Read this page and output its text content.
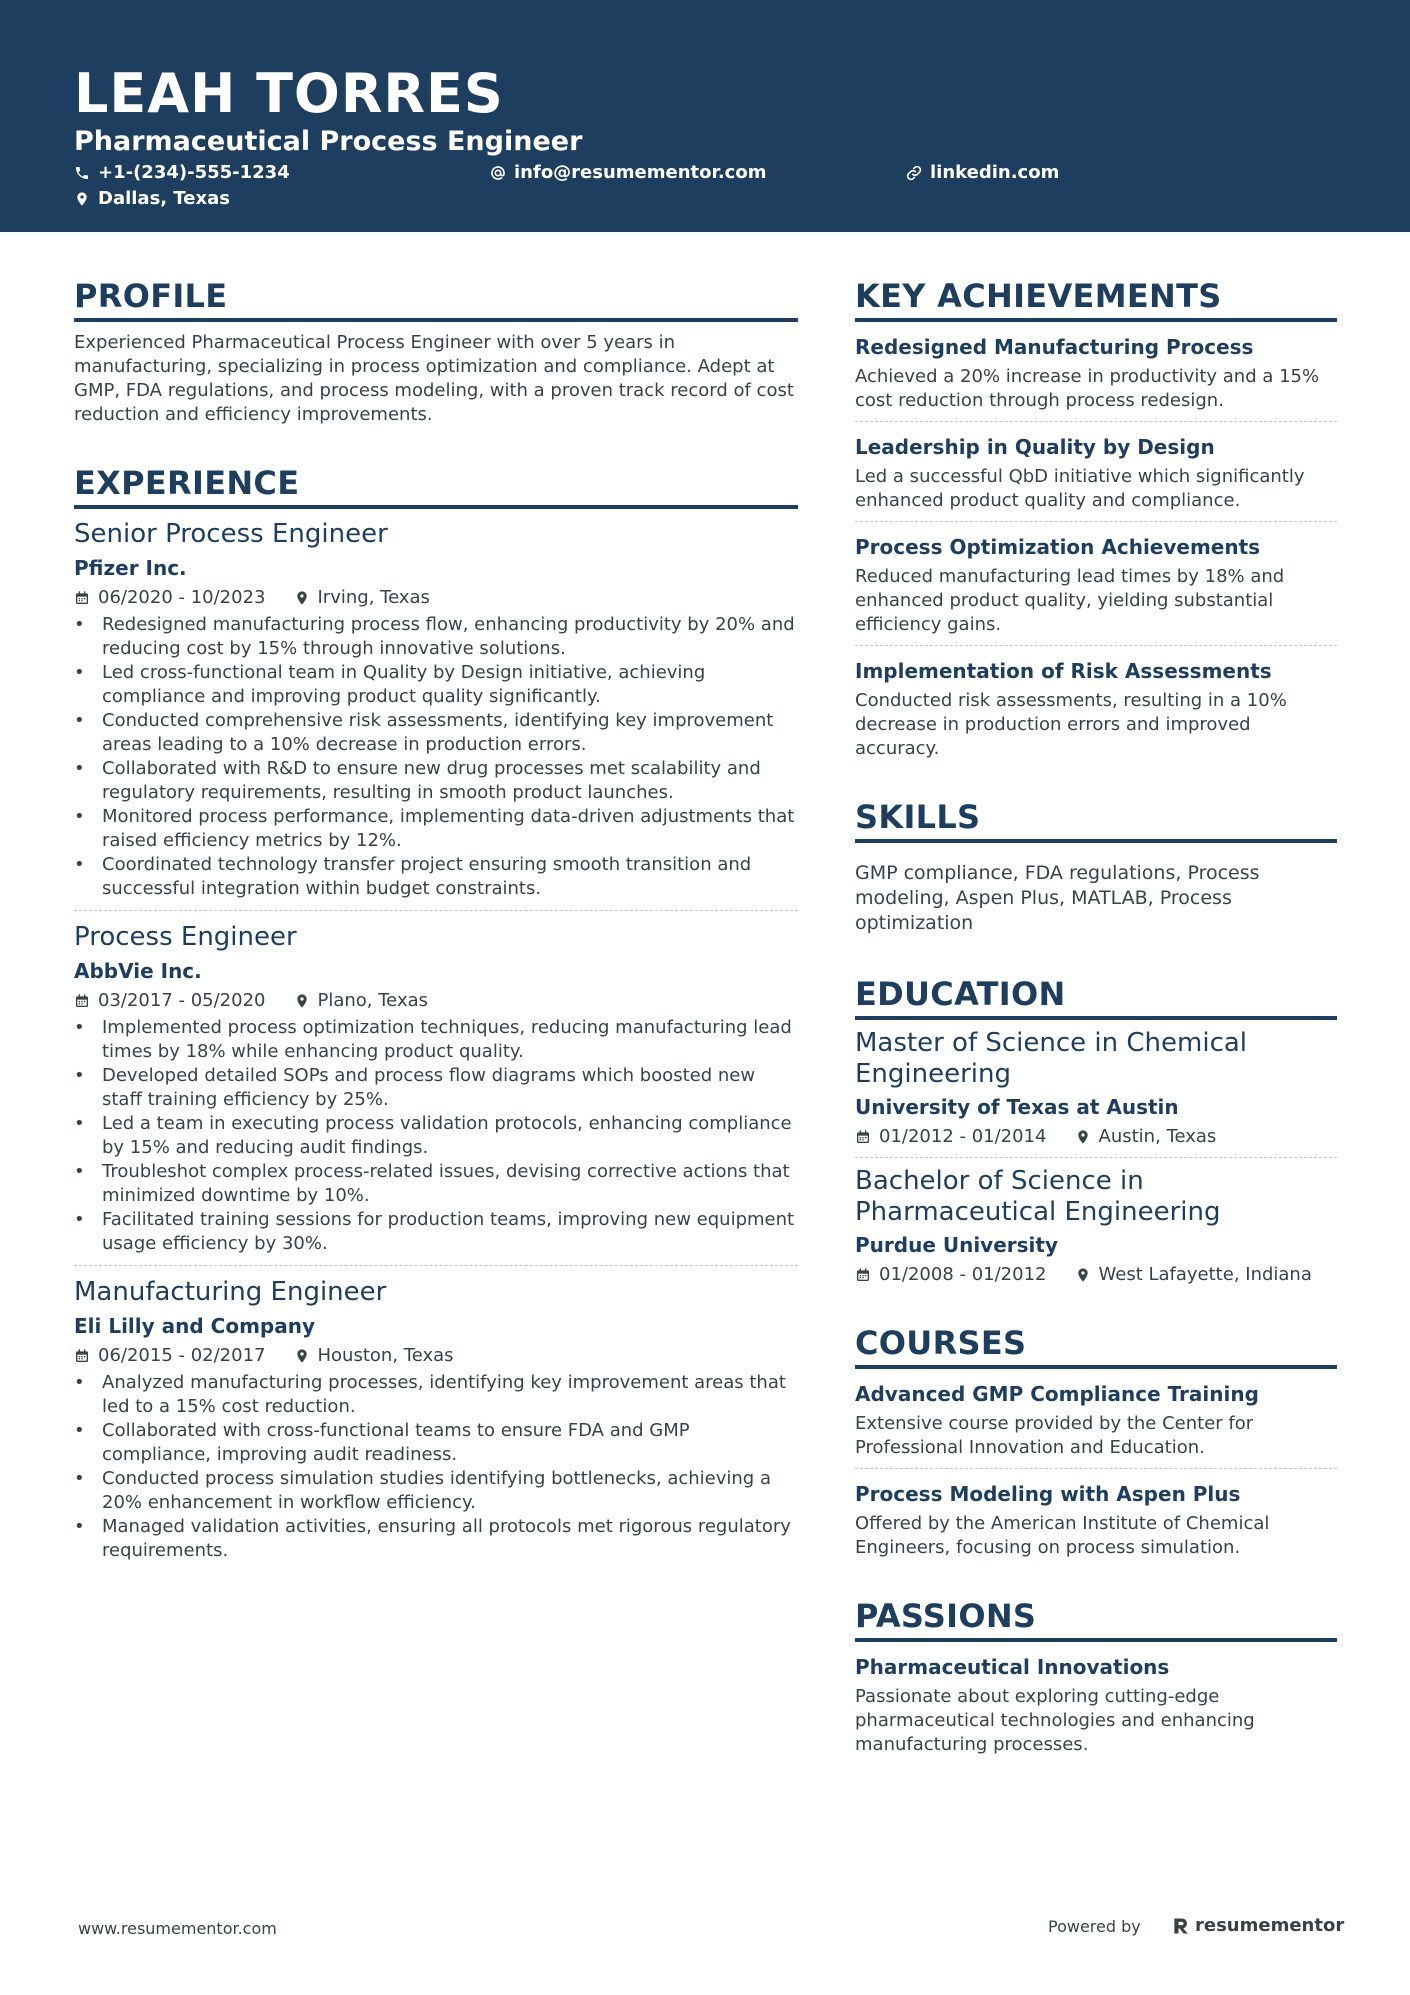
LEAH TORRES
Pharmaceutical Process Engineer
+1-(234)-555-1234	info@resumementor.com	linkedin.com
Dallas, Texas
PROFILE
Experienced Pharmaceutical Process Engineer with over 5 years in manufacturing, specializing in process optimization and compliance. Adept at GMP, FDA regulations, and process modeling, with a proven track record of cost reduction and efficiency improvements.
EXPERIENCE
Senior Process Engineer
Pfizer Inc.
06/2020 - 10/2023	Irving, Texas
• Redesigned manufacturing process flow, enhancing productivity by 20% and reducing cost by 15% through innovative solutions.
• Led cross-functional team in Quality by Design initiative, achieving compliance and improving product quality significantly.
• Conducted comprehensive risk assessments, identifying key improvement areas leading to a 10% decrease in production errors.
• Collaborated with R&D to ensure new drug processes met scalability and regulatory requirements, resulting in smooth product launches.
• Monitored process performance, implementing data-driven adjustments that raised efficiency metrics by 12%.
• Coordinated technology transfer project ensuring smooth transition and successful integration within budget constraints.
Process Engineer
AbbVie Inc.
03/2017 - 05/2020	Plano, Texas
• Implemented process optimization techniques, reducing manufacturing lead times by 18% while enhancing product quality.
• Developed detailed SOPs and process flow diagrams which boosted new staff training efficiency by 25%.
• Led a team in executing process validation protocols, enhancing compliance by 15% and reducing audit findings.
• Troubleshot complex process-related issues, devising corrective actions that minimized downtime by 10%.
• Facilitated training sessions for production teams, improving new equipment usage efficiency by 30%.
Manufacturing Engineer
Eli Lilly and Company
06/2015 - 02/2017	Houston, Texas
• Analyzed manufacturing processes, identifying key improvement areas that led to a 15% cost reduction.
• Collaborated with cross-functional teams to ensure FDA and GMP compliance, improving audit readiness.
• Conducted process simulation studies identifying bottlenecks, achieving a 20% enhancement in workflow efficiency.
• Managed validation activities, ensuring all protocols met rigorous regulatory requirements.
KEY ACHIEVEMENTS
Redesigned Manufacturing Process
Achieved a 20% increase in productivity and a 15% cost reduction through process redesign.
Leadership in Quality by Design
Led a successful QbD initiative which significantly enhanced product quality and compliance.
Process Optimization Achievements
Reduced manufacturing lead times by 18% and enhanced product quality, yielding substantial efficiency gains.
Implementation of Risk Assessments
Conducted risk assessments, resulting in a 10% decrease in production errors and improved accuracy.
SKILLS
GMP compliance, FDA regulations, Process modeling, Aspen Plus, MATLAB, Process optimization
EDUCATION
Master of Science in Chemical Engineering
University of Texas at Austin
01/2012 - 01/2014	Austin, Texas
Bachelor of Science in Pharmaceutical Engineering
Purdue University
01/2008 - 01/2012	West Lafayette, Indiana
COURSES
Advanced GMP Compliance Training
Extensive course provided by the Center for Professional Innovation and Education.
Process Modeling with Aspen Plus
Offered by the American Institute of Chemical Engineers, focusing on process simulation.
PASSIONS
Pharmaceutical Innovations
Passionate about exploring cutting-edge pharmaceutical technologies and enhancing manufacturing processes.
www.resumementor.com	Powered by	resumementor
